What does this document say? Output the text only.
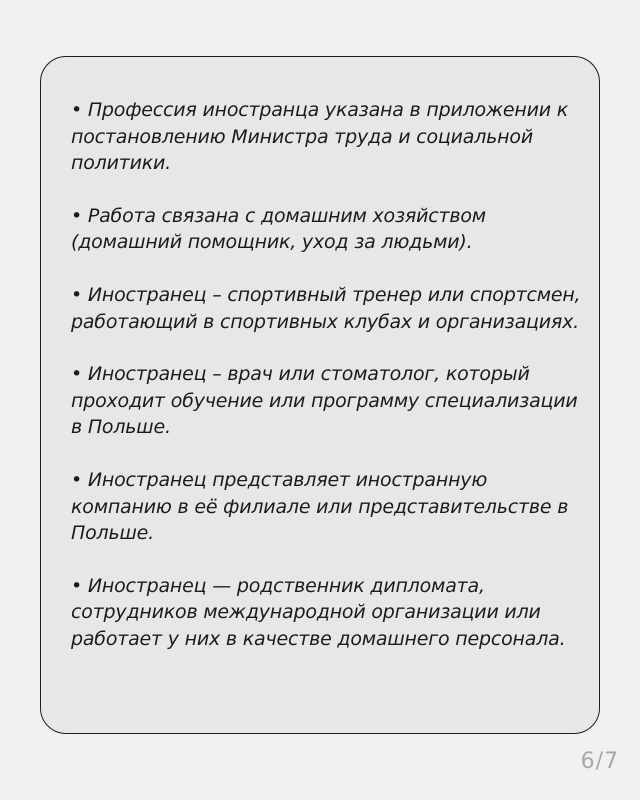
• Профессия иностранца указана в приложении к постановлению Министра труда и социальной политики.
• Работа связана с домашним хозяйством (домашний помощник, уход за людьми).
• Иностранец – спортивный тренер или спортсмен, работающий в спортивных клубах и организациях.
• Иностранец – врач или стоматолог, который проходит обучение или программу специализации в Польше.
• Иностранец представляет иностранную компанию в её филиале или представительстве в Польше.
• Иностранец — родственник дипломата, сотрудников международной организации или работает у них в качестве домашнего персонала.
6/7
